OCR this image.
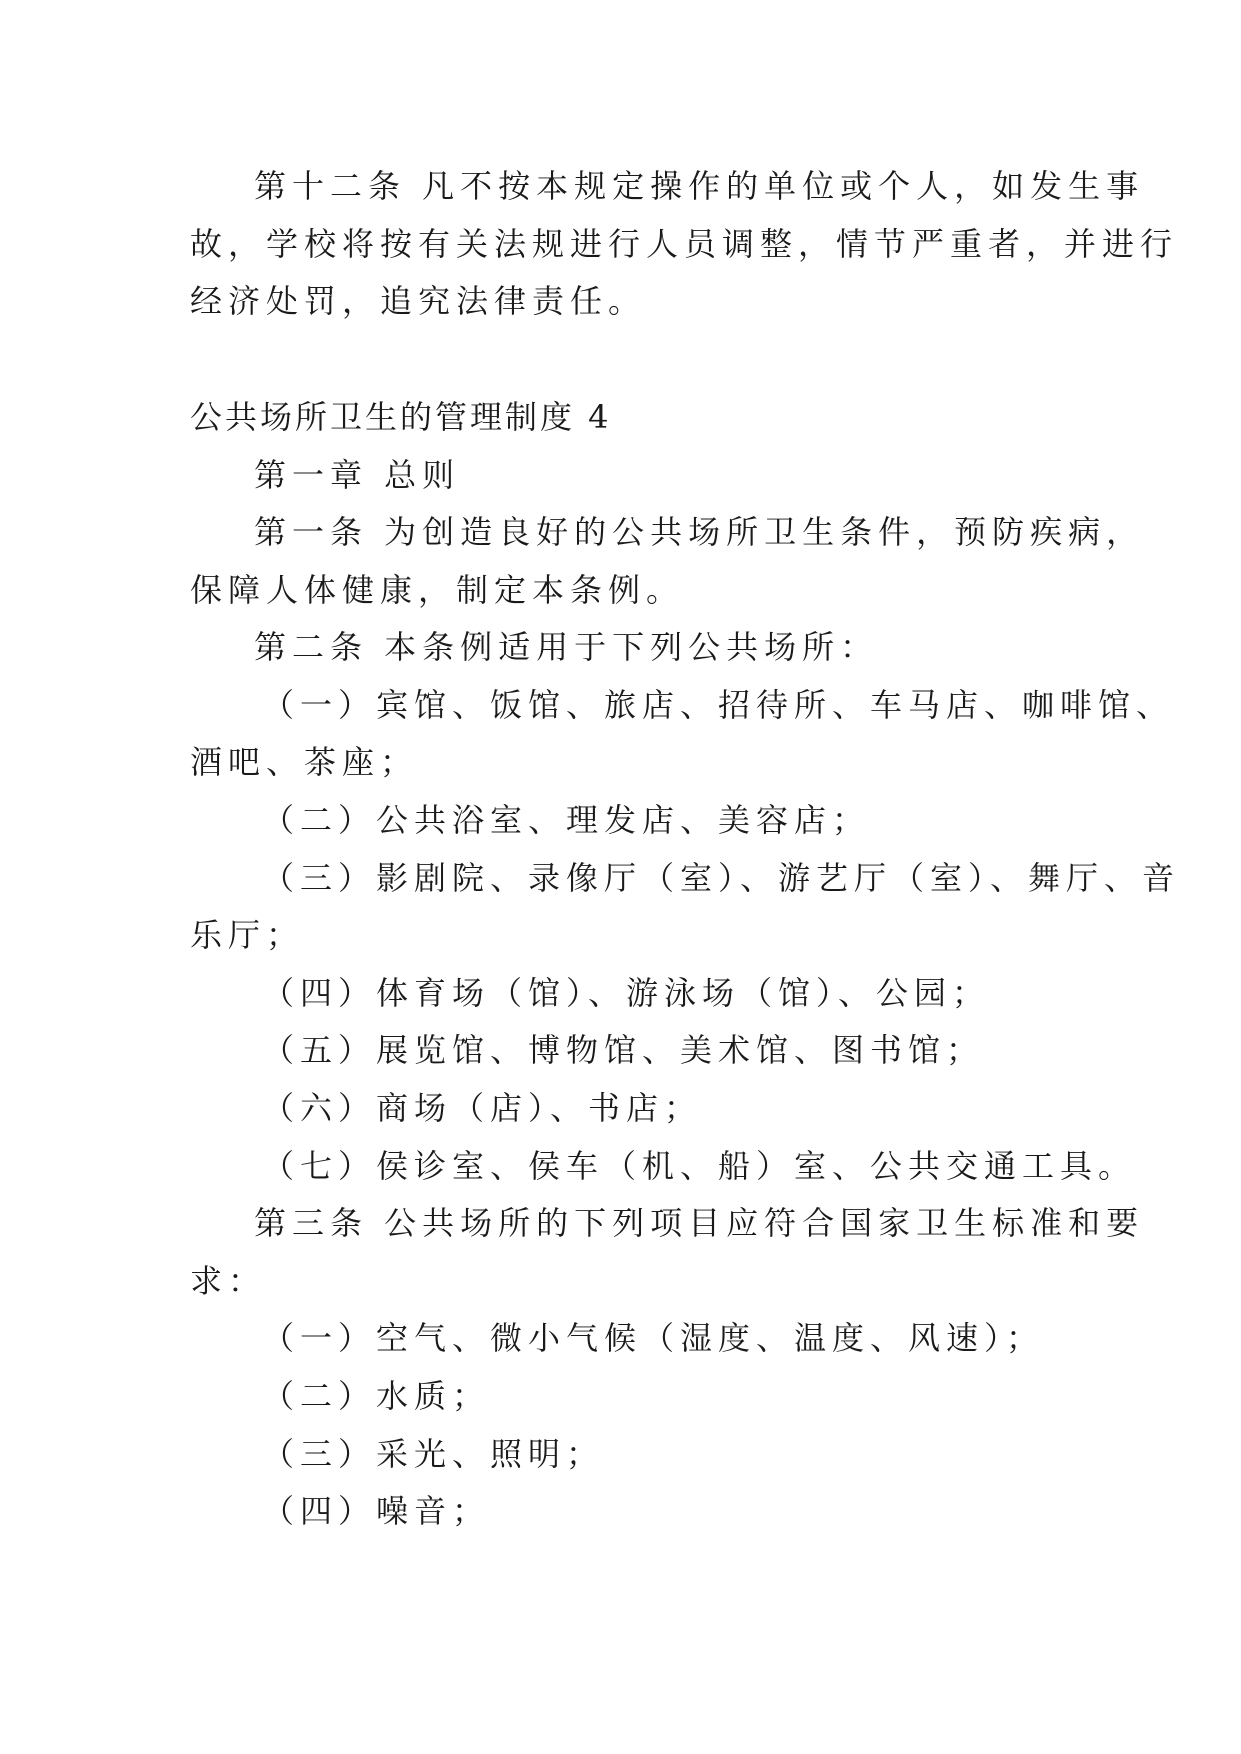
第十二条 凡不按本规定操作的单位或个人，如发生事
故，学校将按有关法规进行人员调整，情节严重者，并进行
经济处罚，追究法律责任。
公共场所卫生的管理制度 4
第一章 总则
第一条 为创造良好的公共场所卫生条件，预防疾病，
保障人体健康，制定本条例。
第二条 本条例适用于下列公共场所：
（一）宾馆、饭馆、旅店、招待所、车马店、咖啡馆、
酒吧、茶座；
（二）公共浴室、理发店、美容店；
（三）影剧院、录像厅（室）、游艺厅（室）、舞厅、音
乐厅；
（四）体育场（馆）、游泳场（馆）、公园；
（五）展览馆、博物馆、美术馆、图书馆；
（六）商场（店）、书店；
（七）侯诊室、侯车（机、船）室、公共交通工具。
第三条 公共场所的下列项目应符合国家卫生标准和要
求：
（一）空气、微小气候（湿度、温度、风速）；
（二）水质；
（三）采光、照明；
（四）噪音；
